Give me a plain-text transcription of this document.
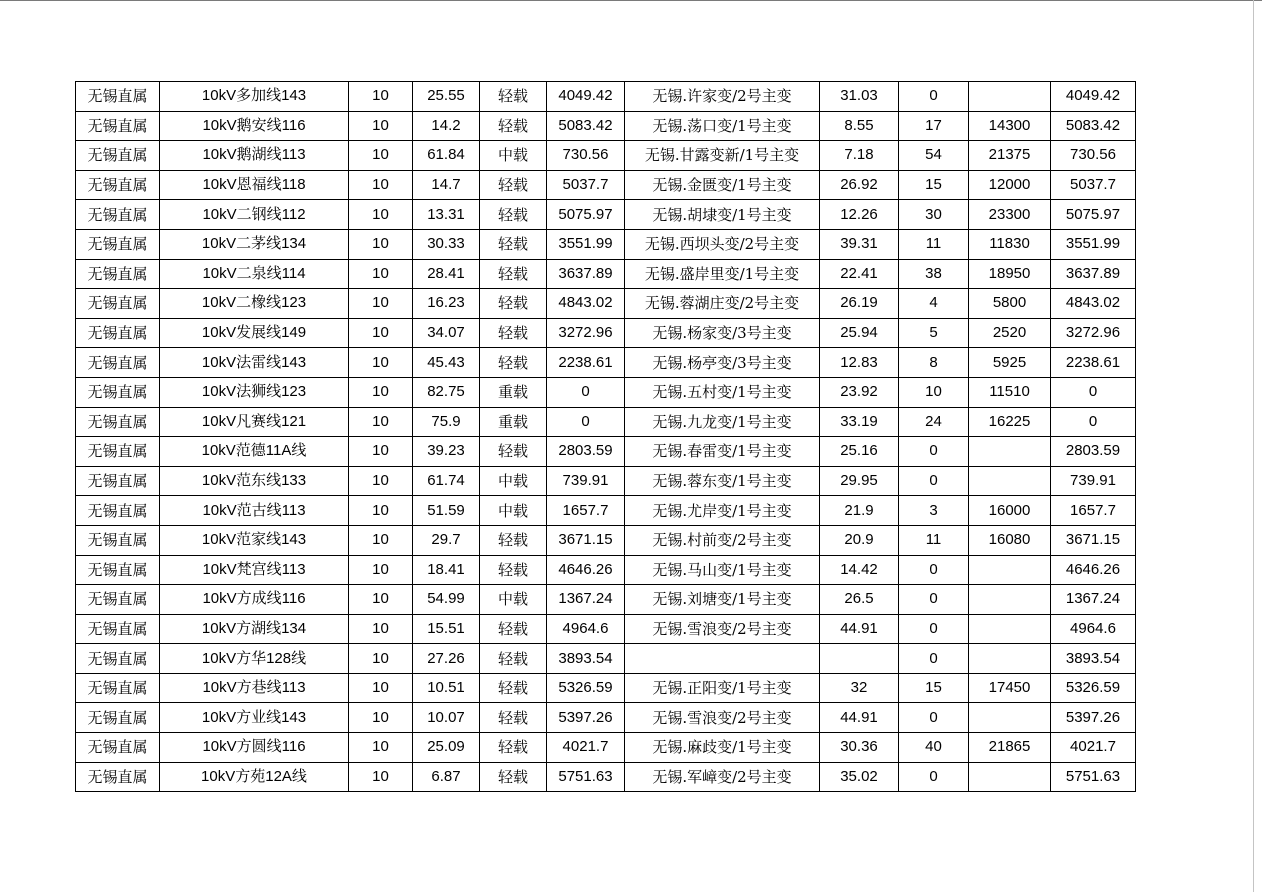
无锡直属	10kV多加线143	10	25.55	轻载	4049.42	无锡.许家变/2号主变	31.03	0		4049.42
无锡直属	10kV鹅安线116	10	14.2	轻载	5083.42	无锡.荡口变/1号主变	8.55	17	14300	5083.42
无锡直属	10kV鹅湖线113	10	61.84	中载	730.56	无锡.甘露变新/1号主变	7.18	54	21375	730.56
无锡直属	10kV恩福线118	10	14.7	轻载	5037.7	无锡.金匮变/1号主变	26.92	15	12000	5037.7
无锡直属	10kV二钢线112	10	13.31	轻载	5075.97	无锡.胡埭变/1号主变	12.26	30	23300	5075.97
无锡直属	10kV二茅线134	10	30.33	轻载	3551.99	无锡.西坝头变/2号主变	39.31	11	11830	3551.99
无锡直属	10kV二泉线114	10	28.41	轻载	3637.89	无锡.盛岸里变/1号主变	22.41	38	18950	3637.89
无锡直属	10kV二橡线123	10	16.23	轻载	4843.02	无锡.蓉湖庄变/2号主变	26.19	4	5800	4843.02
无锡直属	10kV发展线149	10	34.07	轻载	3272.96	无锡.杨家变/3号主变	25.94	5	2520	3272.96
无锡直属	10kV法雷线143	10	45.43	轻载	2238.61	无锡.杨亭变/3号主变	12.83	8	5925	2238.61
无锡直属	10kV法狮线123	10	82.75	重载	0	无锡.五村变/1号主变	23.92	10	11510	0
无锡直属	10kV凡赛线121	10	75.9	重载	0	无锡.九龙变/1号主变	33.19	24	16225	0
无锡直属	10kV范德11A线	10	39.23	轻载	2803.59	无锡.春雷变/1号主变	25.16	0		2803.59
无锡直属	10kV范东线133	10	61.74	中载	739.91	无锡.蓉东变/1号主变	29.95	0		739.91
无锡直属	10kV范古线113	10	51.59	中载	1657.7	无锡.尤岸变/1号主变	21.9	3	16000	1657.7
无锡直属	10kV范家线143	10	29.7	轻载	3671.15	无锡.村前变/2号主变	20.9	11	16080	3671.15
无锡直属	10kV梵宫线113	10	18.41	轻载	4646.26	无锡.马山变/1号主变	14.42	0		4646.26
无锡直属	10kV方成线116	10	54.99	中载	1367.24	无锡.刘塘变/1号主变	26.5	0		1367.24
无锡直属	10kV方湖线134	10	15.51	轻载	4964.6	无锡.雪浪变/2号主变	44.91	0		4964.6
无锡直属	10kV方华128线	10	27.26	轻载	3893.54			0		3893.54
无锡直属	10kV方巷线113	10	10.51	轻载	5326.59	无锡.正阳变/1号主变	32	15	17450	5326.59
无锡直属	10kV方业线143	10	10.07	轻载	5397.26	无锡.雪浪变/2号主变	44.91	0		5397.26
无锡直属	10kV方圆线116	10	25.09	轻载	4021.7	无锡.麻歧变/1号主变	30.36	40	21865	4021.7
无锡直属	10kV方苑12A线	10	6.87	轻载	5751.63	无锡.军嶂变/2号主变	35.02	0		5751.63
